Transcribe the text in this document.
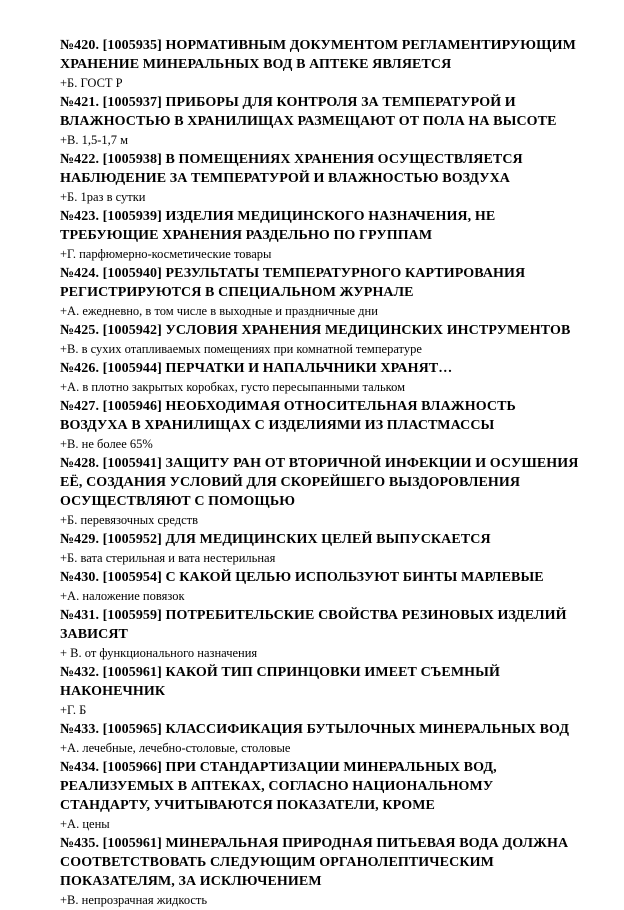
№420. [1005935] НОРМАТИВНЫМ ДОКУМЕНТОМ РЕГЛАМЕНТИРУЮЩИМ ХРАНЕНИЕ МИНЕРАЛЬНЫХ ВОД В АПТЕКЕ ЯВЛЯЕТСЯ
+Б. ГОСТ Р
№421. [1005937] ПРИБОРЫ ДЛЯ КОНТРОЛЯ ЗА ТЕМПЕРАТУРОЙ И ВЛАЖНОСТЬЮ В ХРАНИЛИЩАХ РАЗМЕЩАЮТ ОТ ПОЛА НА ВЫСОТЕ
+В. 1,5-1,7 м
№422. [1005938] В ПОМЕЩЕНИЯХ ХРАНЕНИЯ ОСУЩЕСТВЛЯЕТСЯ НАБЛЮДЕНИЕ ЗА ТЕМПЕРАТУРОЙ И ВЛАЖНОСТЬЮ ВОЗДУХА
+Б. 1раз в сутки
№423. [1005939] ИЗДЕЛИЯ МЕДИЦИНСКОГО НАЗНАЧЕНИЯ, НЕ ТРЕБУЮЩИЕ ХРАНЕНИЯ РАЗДЕЛЬНО ПО ГРУППАМ
+Г. парфюмерно-косметические товары
№424. [1005940] РЕЗУЛЬТАТЫ ТЕМПЕРАТУРНОГО КАРТИРОВАНИЯ РЕГИСТРИРУЮТСЯ В СПЕЦИАЛЬНОМ ЖУРНАЛЕ
+А. ежедневно, в том числе в выходные и праздничные дни
№425. [1005942] УСЛОВИЯ ХРАНЕНИЯ МЕДИЦИНСКИХ ИНСТРУМЕНТОВ
+В. в сухих отапливаемых помещениях при комнатной температуре
№426. [1005944] ПЕРЧАТКИ И НАПАЛЬЧНИКИ ХРАНЯТ…
+А. в плотно закрытых коробках, густо пересыпанными тальком
№427. [1005946] НЕОБХОДИМАЯ ОТНОСИТЕЛЬНАЯ ВЛАЖНОСТЬ ВОЗДУХА В ХРАНИЛИЩАХ С ИЗДЕЛИЯМИ ИЗ ПЛАСТМАССЫ
+В. не более 65%
№428. [1005941] ЗАЩИТУ РАН ОТ ВТОРИЧНОЙ ИНФЕКЦИИ И ОСУШЕНИЯ ЕЁ, СОЗДАНИЯ УСЛОВИЙ ДЛЯ СКОРЕЙШЕГО ВЫЗДОРОВЛЕНИЯ ОСУЩЕСТВЛЯЮТ С ПОМОЩЬЮ
+Б. перевязочных средств
№429. [1005952] ДЛЯ МЕДИЦИНСКИХ ЦЕЛЕЙ ВЫПУСКАЕТСЯ
+Б. вата стерильная и вата нестерильная
№430. [1005954] С КАКОЙ ЦЕЛЬЮ ИСПОЛЬЗУЮТ БИНТЫ МАРЛЕВЫЕ
+А. наложение повязок
№431. [1005959] ПОТРЕБИТЕЛЬСКИЕ СВОЙСТВА РЕЗИНОВЫХ ИЗДЕЛИЙ ЗАВИСЯТ
+ В. от функционального назначения
№432. [1005961] КАКОЙ ТИП СПРИНЦОВКИ ИМЕЕТ СЪЕМНЫЙ НАКОНЕЧНИК
+Г. Б
№433. [1005965] КЛАССИФИКАЦИЯ БУТЫЛОЧНЫХ МИНЕРАЛЬНЫХ ВОД
+А. лечебные, лечебно-столовые, столовые
№434. [1005966] ПРИ СТАНДАРТИЗАЦИИ МИНЕРАЛЬНЫХ ВОД, РЕАЛИЗУЕМЫХ В АПТЕКАХ, СОГЛАСНО НАЦИОНАЛЬНОМУ СТАНДАРТУ, УЧИТЫВАЮТСЯ ПОКАЗАТЕЛИ, КРОМЕ
+А. цены
№435. [1005961] МИНЕРАЛЬНАЯ ПРИРОДНАЯ ПИТЬЕВАЯ ВОДА ДОЛЖНА СООТВЕТСТВОВАТЬ СЛЕДУЮЩИМ ОРГАНОЛЕПТИЧЕСКИМ ПОКАЗАТЕЛЯМ, ЗА ИСКЛЮЧЕНИЕМ
+В. непрозрачная жидкость
